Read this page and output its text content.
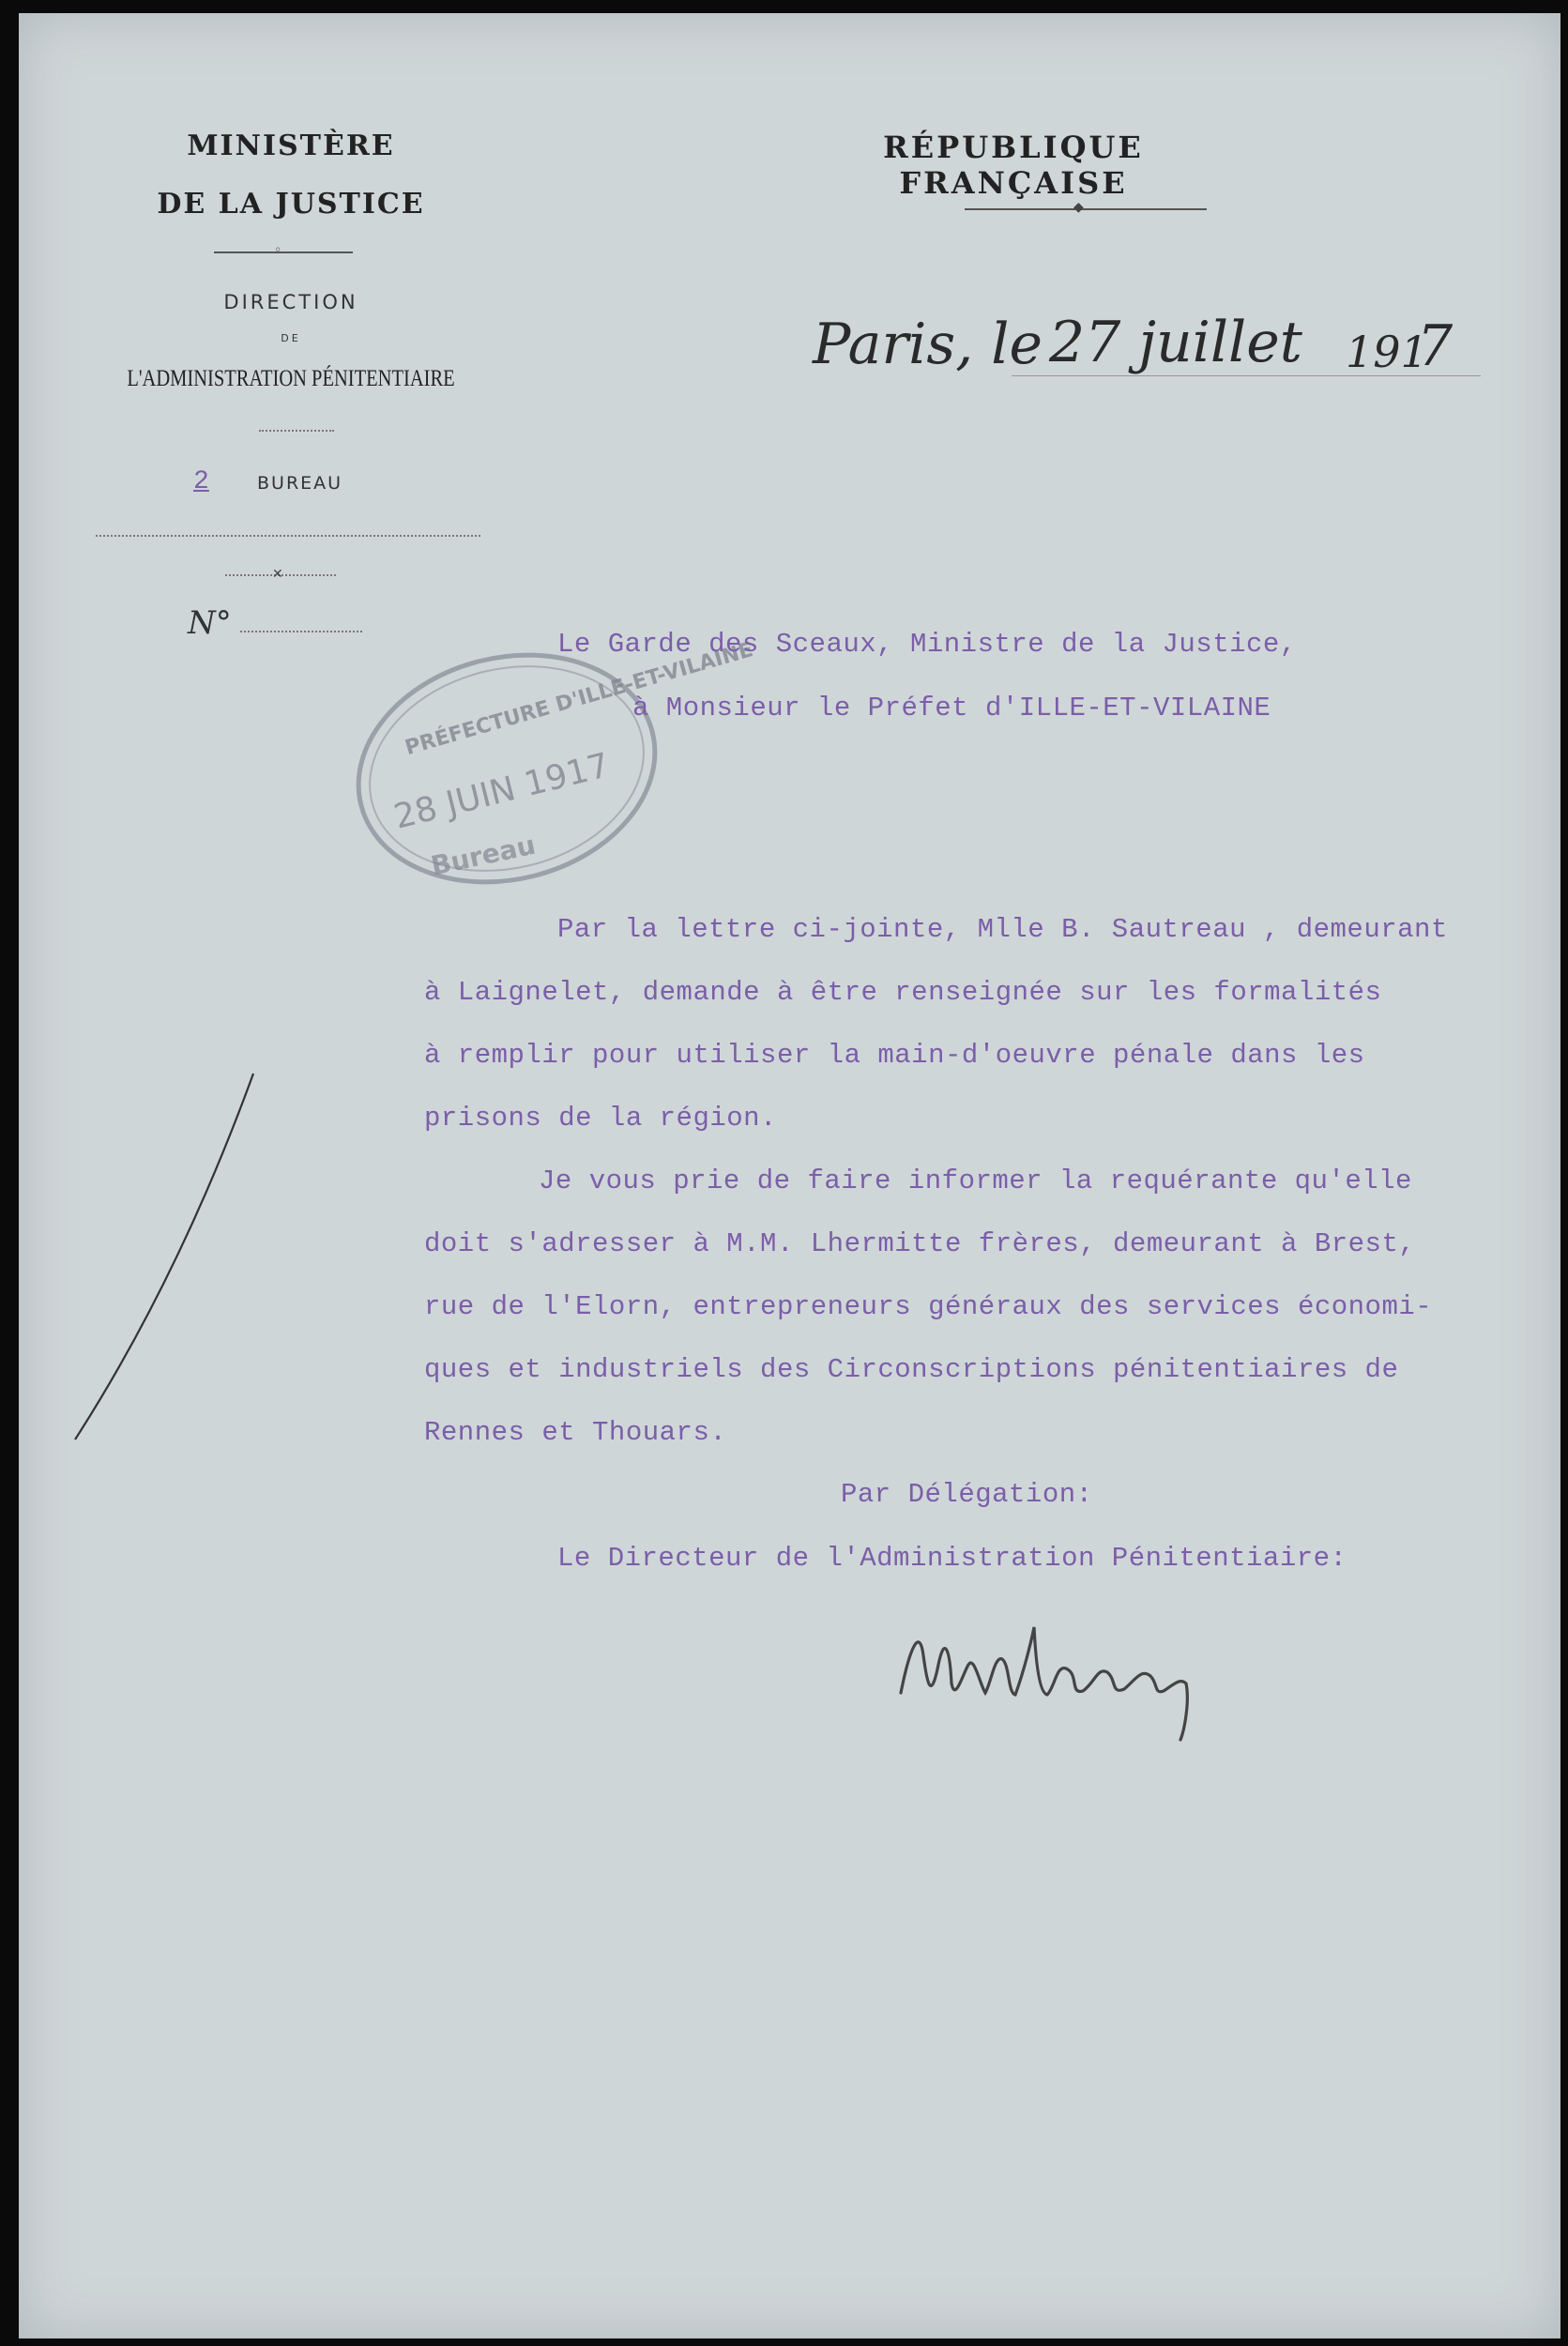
MINISTÈRE
DE LA JUSTICE
◦
DIRECTION
DE
L'ADMINISTRATION PÉNITENTIAIRE
2	BUREAU
✕
N°
RÉPUBLIQUE FRANÇAISE
◆
Paris, le 27 juillet 191
7
PRÉFECTURE D'ILLE-ET-VILAINE
28 JUIN 1917
Bureau
Le Garde des Sceaux, Ministre de la Justice,
à Monsieur le Préfet d'ILLE-ET-VILAINE
Par la lettre ci-jointe, Mlle B. Sautreau , demeurant
à Laignelet, demande à être renseignée sur les formalités
à remplir pour utiliser la main-d'oeuvre pénale dans les
prisons de la région.
Je vous prie de faire informer la requérante qu'elle
doit s'adresser à M.M. Lhermitte frères, demeurant à Brest,
rue de l'Elorn, entrepreneurs généraux des services économi-
ques et industriels des Circonscriptions pénitentiaires de
Rennes et Thouars.
Par Délégation:
Le Directeur de l'Administration Pénitentiaire:
